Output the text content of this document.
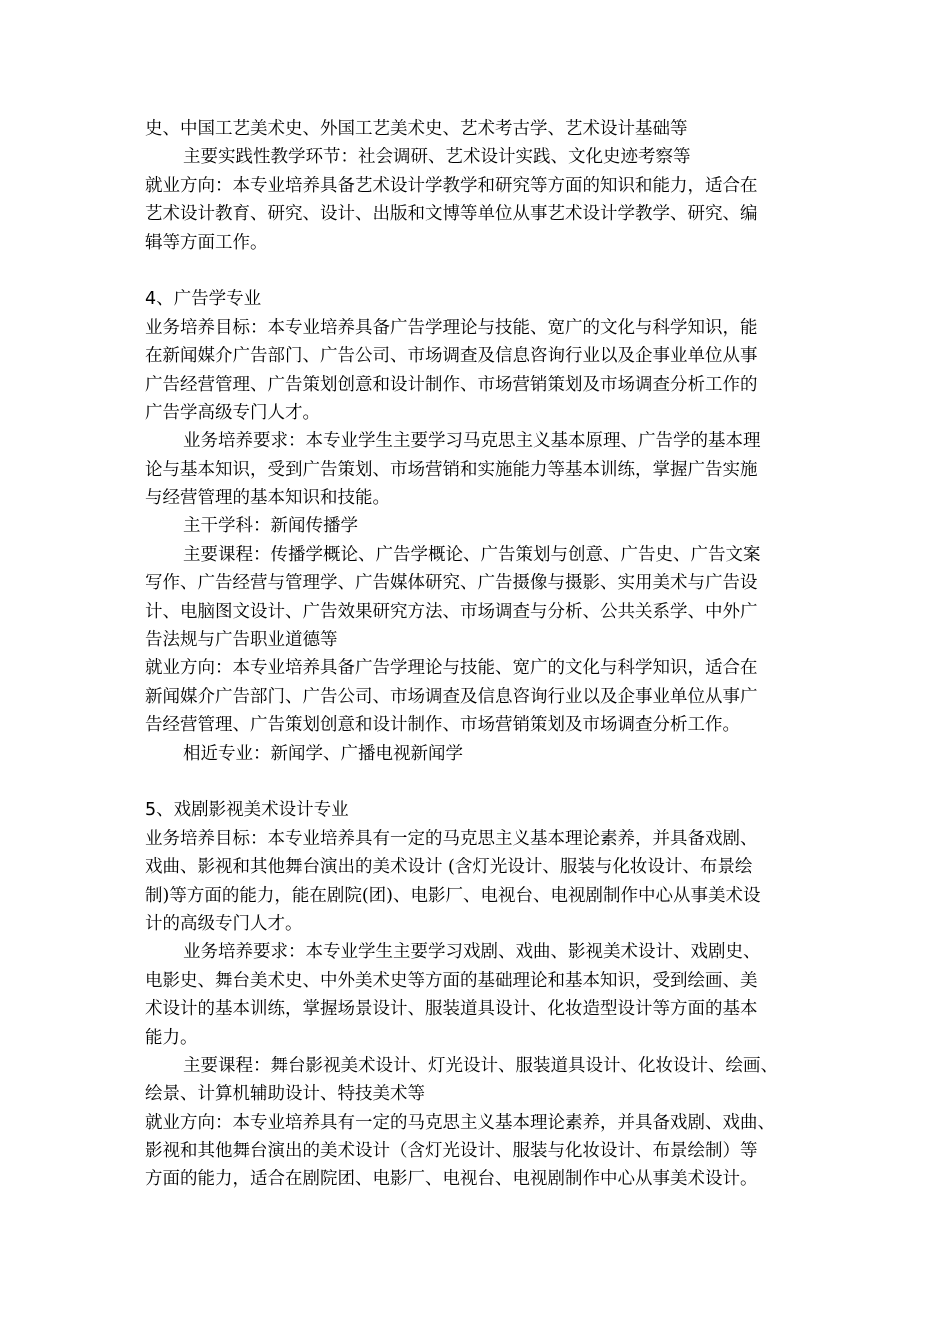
史、中国工艺美术史、外国工艺美术史、艺术考古学、艺术设计基础等
主要实践性教学环节：社会调研、艺术设计实践、文化史迹考察等
就业方向：本专业培养具备艺术设计学教学和研究等方面的知识和能力，适合在
艺术设计教育、研究、设计、出版和文博等单位从事艺术设计学教学、研究、编
辑等方面工作。
4、广告学专业
业务培养目标：本专业培养具备广告学理论与技能、宽广的文化与科学知识，能
在新闻媒介广告部门、广告公司、市场调查及信息咨询行业以及企事业单位从事
广告经营管理、广告策划创意和设计制作、市场营销策划及市场调查分析工作的
广告学高级专门人才。
业务培养要求：本专业学生主要学习马克思主义基本原理、广告学的基本理
论与基本知识，受到广告策划、市场营销和实施能力等基本训练，掌握广告实施
与经营管理的基本知识和技能。
主干学科：新闻传播学
主要课程：传播学概论、广告学概论、广告策划与创意、广告史、广告文案
写作、广告经营与管理学、广告媒体研究、广告摄像与摄影、实用美术与广告设
计、电脑图文设计、广告效果研究方法、市场调查与分析、公共关系学、中外广
告法规与广告职业道德等
就业方向：本专业培养具备广告学理论与技能、宽广的文化与科学知识，适合在
新闻媒介广告部门、广告公司、市场调查及信息咨询行业以及企事业单位从事广
告经营管理、广告策划创意和设计制作、市场营销策划及市场调查分析工作。
相近专业：新闻学、广播电视新闻学
5、戏剧影视美术设计专业
业务培养目标：本专业培养具有一定的马克思主义基本理论素养，并具备戏剧、
戏曲、影视和其他舞台演出的美术设计 (含灯光设计、服装与化妆设计、布景绘
制)等方面的能力，能在剧院(团)、电影厂、电视台、电视剧制作中心从事美术设
计的高级专门人才。
业务培养要求：本专业学生主要学习戏剧、戏曲、影视美术设计、戏剧史、
电影史、舞台美术史、中外美术史等方面的基础理论和基本知识，受到绘画、美
术设计的基本训练，掌握场景设计、服装道具设计、化妆造型设计等方面的基本
能力。
主要课程：舞台影视美术设计、灯光设计、服装道具设计、化妆设计、绘画、
绘景、计算机辅助设计、特技美术等
就业方向：本专业培养具有一定的马克思主义基本理论素养，并具备戏剧、戏曲、
影视和其他舞台演出的美术设计（含灯光设计、服装与化妆设计、布景绘制）等
方面的能力，适合在剧院团、电影厂、电视台、电视剧制作中心从事美术设计。
